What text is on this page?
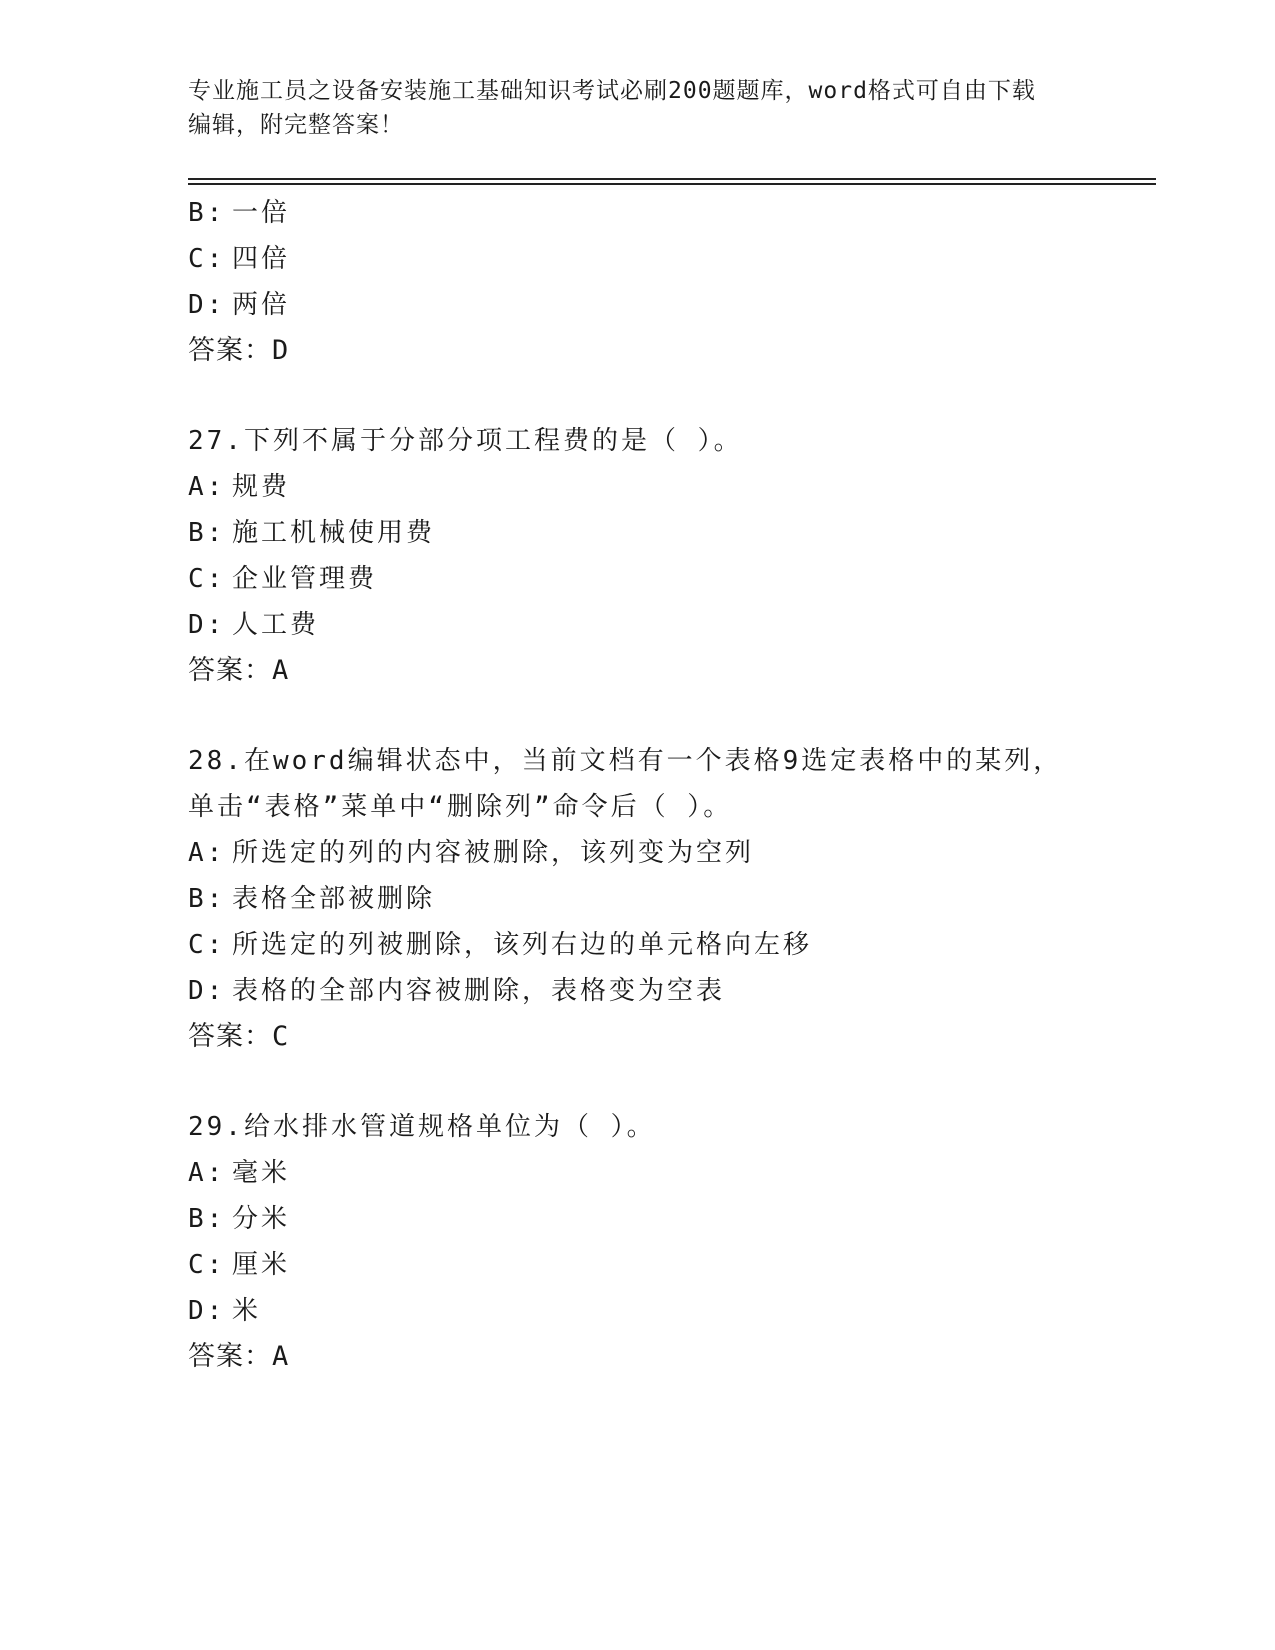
专业施工员之设备安装施工基础知识考试必刷200题题库，word格式可自由下载
编辑，附完整答案！
B: 一倍
C: 四倍
D: 两倍
答案：D
27.下列不属于分部分项工程费的是（ ）。
A: 规费
B: 施工机械使用费
C: 企业管理费
D: 人工费
答案：A
28.在word编辑状态中，当前文档有一个表格9选定表格中的某列，
单击“表格”菜单中“删除列”命令后（ ）。
A: 所选定的列的内容被删除，该列变为空列
B: 表格全部被删除
C: 所选定的列被删除，该列右边的单元格向左移
D: 表格的全部内容被删除，表格变为空表
答案：C
29.给水排水管道规格单位为（ ）。
A: 毫米
B: 分米
C: 厘米
D: 米
答案：A
